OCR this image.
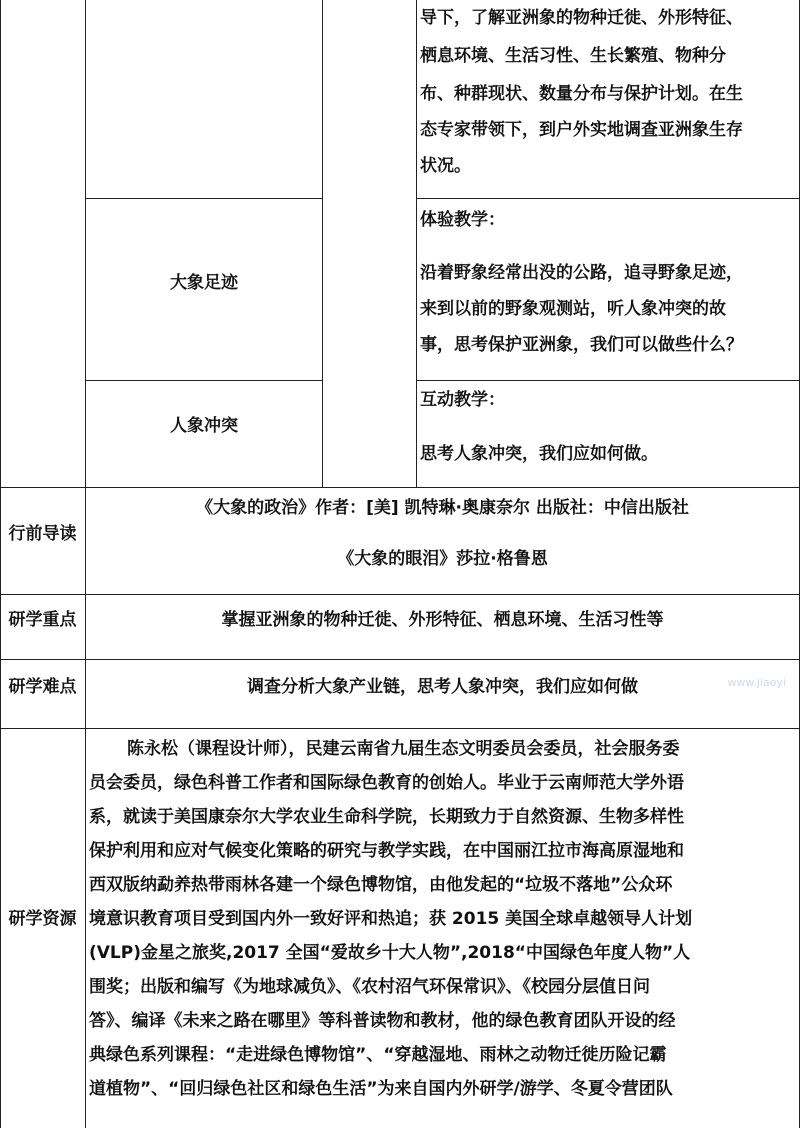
导下，了解亚洲象的物种迁徙、外形特征、
栖息环境、生活习性、生长繁殖、物种分
布、种群现状、数量分布与保护计划。在生
态专家带领下，到户外实地调查亚洲象生存
状况。
大象足迹
体验教学：
沿着野象经常出没的公路，追寻野象足迹，
来到以前的野象观测站，听人象冲突的故
事，思考保护亚洲象，我们可以做些什么？
人象冲突
互动教学：
思考人象冲突，我们应如何做。
行前导读
《大象的政治》作者：[美] 凯特琳·奥康奈尔 出版社：中信出版社
《大象的眼泪》莎拉·格鲁恩
研学重点	掌握亚洲象的物种迁徙、外形特征、栖息环境、生活习性等
研学难点	调查分析大象产业链，思考人象冲突，我们应如何做
研学资源
陈永松（课程设计师），民建云南省九届生态文明委员会委员，社会服务委
员会委员，绿色科普工作者和国际绿色教育的创始人。毕业于云南师范大学外语
系，就读于美国康奈尔大学农业生命科学院，长期致力于自然资源、生物多样性
保护利用和应对气候变化策略的研究与教学实践，在中国丽江拉市海高原湿地和
西双版纳勐养热带雨林各建一个绿色博物馆，由他发起的“垃圾不落地”公众环
境意识教育项目受到国内外一致好评和热追；获 2015 美国全球卓越领导人计划
(VLP)金星之旅奖,2017 全国“爱故乡十大人物”,2018“中国绿色年度人物”人
围奖；出版和编写《为地球减负》、《农村沼气环保常识》、《校园分层值日问
答》、编译《未来之路在哪里》等科普读物和教材，他的绿色教育团队开设的经
典绿色系列课程：“走进绿色博物馆”、“穿越湿地、雨林之动物迁徙历险记霸
道植物”、“回归绿色社区和绿色生活”为来自国内外研学/游学、冬夏令营团队
www.jiaoyi
